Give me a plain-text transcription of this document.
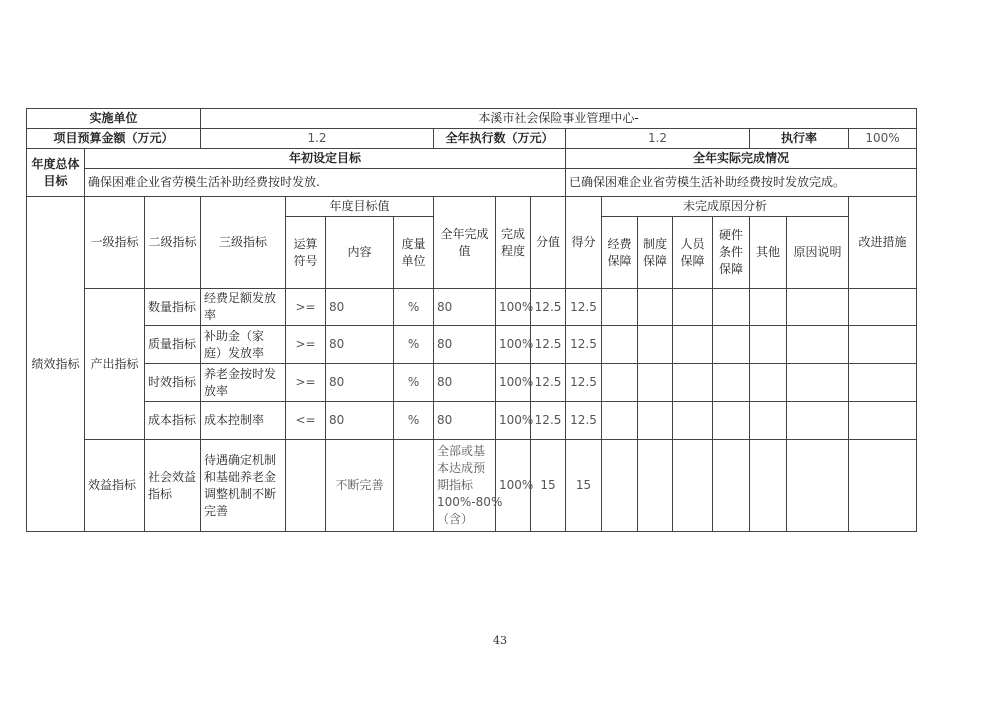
实施单位			本溪市社会保险事业管理中心-														
项目预算金额（万元）			1.2				全年执行数（万元）			1.2					执行率		100%
年度总体目标	年初设定目标									全年实际完成情况							
	确保困难企业省劳模生活补助经费按时发放.									已确保困难企业省劳模生活补助经费按时发放完成。							
绩效指标	一级指标	二级指标	三级指标	年度目标值			全年完成值	完成程度	分值	得分	未完成原因分析						改进措施
				运算符号	内容	度量单位					经费保障	制度保障	人员保障	硬件条件保障	其他	原因说明	
	产出指标	数量指标	经费足额发放率	>=	80	%	80	100%	12.5	12.5							
		质量指标	补助金（家庭）发放率	>=	80	%	80	100%	12.5	12.5							
		时效指标	养老金按时发放率	>=	80	%	80	100%	12.5	12.5							
		成本指标	成本控制率	<=	80	%	80	100%	12.5	12.5							
	效益指标	社会效益指标	待遇确定机制和基础养老金调整机制不断完善		不断完善		全部或基本达成预期指标100%-80%（含）	100%	15	15							
43
